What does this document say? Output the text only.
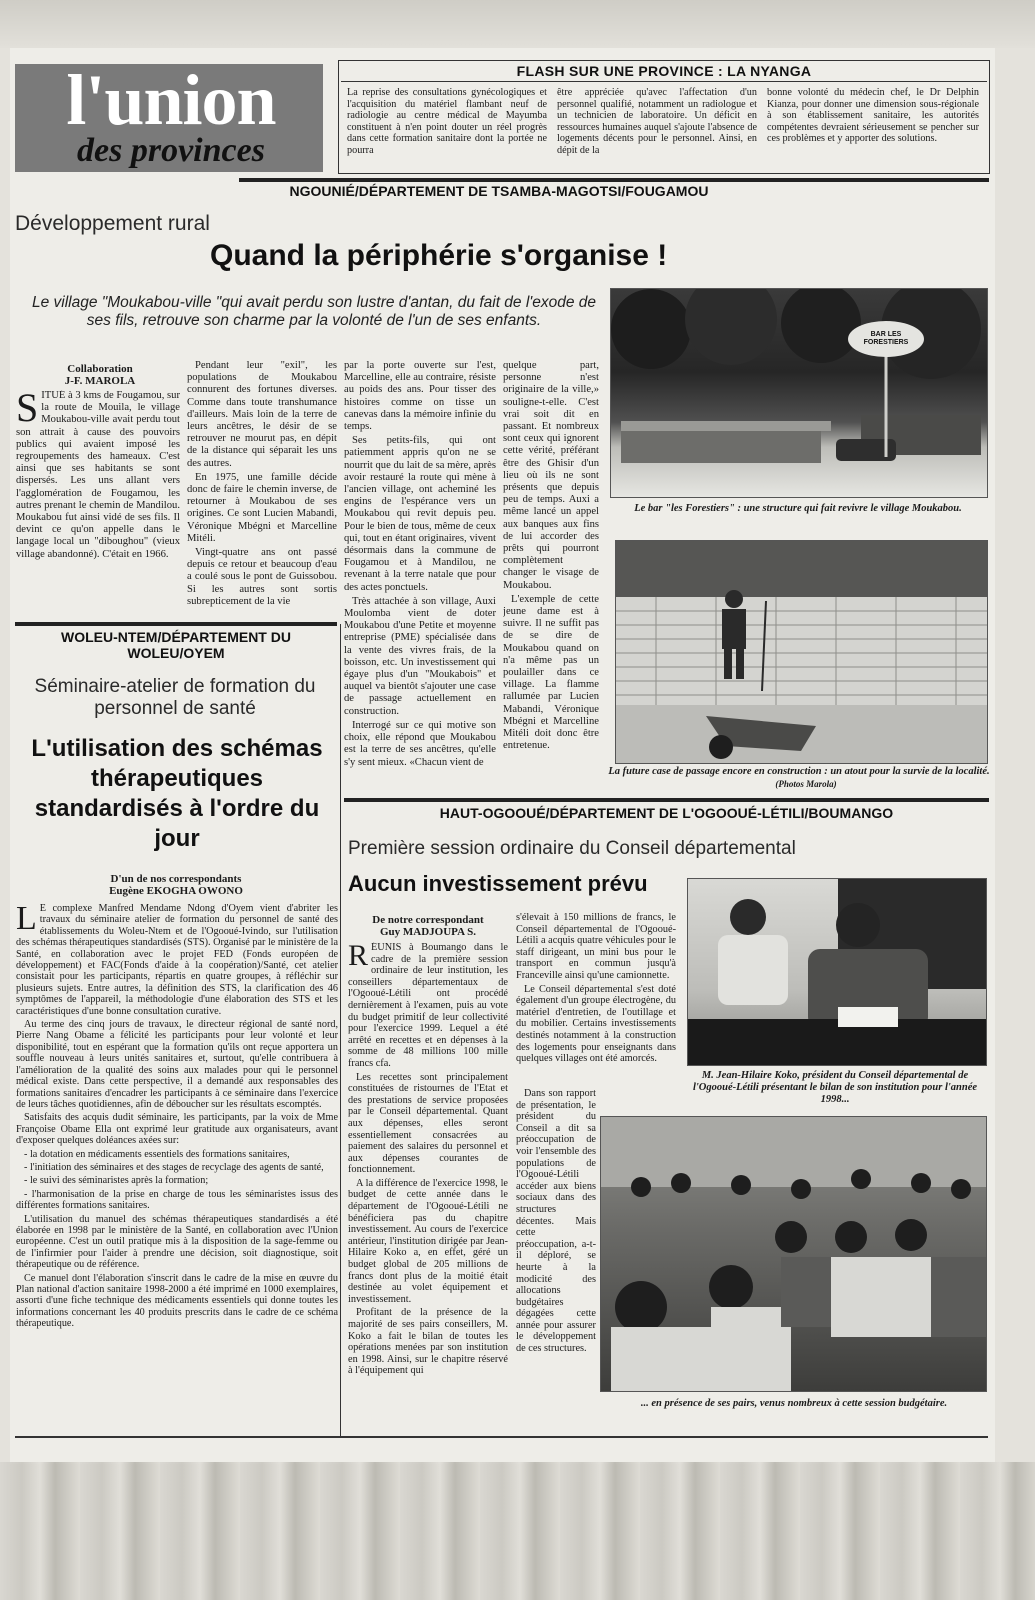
l'union
des provinces
FLASH SUR UNE PROVINCE : LA NYANGA
La reprise des consultations gynécologiques et l'acquisition du matériel flambant neuf de radiologie au centre médical de Mayumba constituent à n'en point douter un réel progrès dans cette formation sanitaire dont la portée ne pourra
être appréciée qu'avec l'affectation d'un personnel qualifié, notamment un radiologue et un technicien de laboratoire. Un déficit en ressources humaines auquel s'ajoute l'absence de logements décents pour le personnel. Ainsi, en dépit de la
bonne volonté du médecin chef, le Dr Delphin Kianza, pour donner une dimension sous-régionale à son établissement sanitaire, les autorités compétentes devraient sérieusement se pencher sur ces problèmes et y apporter des solutions.
NGOUNIÉ/DÉPARTEMENT DE TSAMBA-MAGOTSI/FOUGAMOU
Développement rural
Quand la périphérie s'organise !
Le village "Moukabou-ville "qui avait perdu son lustre d'antan, du fait de l'exode de ses fils, retrouve son charme par la volonté de l'un de ses enfants.
Collaboration
J-F. MAROLA
S ITUÉ à 3 kms de Fougamou, sur la route de Mouila, le village Moukabou-ville avait perdu tout son attrait à cause des pouvoirs publics qui avaient imposé les regroupements des hameaux. C'est ainsi que ses habitants se sont dispersés. Les uns allant vers l'agglomération de Fougamou, les autres prenant le chemin de Mandilou. Moukabou fut ainsi vidé de ses fils. Il devint ce qu'on appelle dans le langage local un "diboughou" (vieux village abandonné). C'était en 1966.

Pendant leur "exil", les populations de Moukabou connurent des fortunes diverses. Comme dans toute transhumance d'ailleurs. Mais loin de la terre de leurs ancêtres, le désir de se retrouver ne mourut pas, en dépit de la distance qui séparait les uns des autres.

En 1975, une famille décide donc de faire le chemin inverse, de retourner à Moukabou de ses origines. Ce sont Lucien Mabandi, Véronique Mbégni et Marcelline Mitéli.

Vingt-quatre ans ont passé depuis ce retour et beaucoup d'eau a coulé sous le pont de Guissobou. Si les autres sont sortis subrepticement de la vie

par la porte ouverte sur l'est, Marcelline, elle au contraire, résiste au poids des ans. Pour tisser des histoires comme on tisse un canevas dans la mémoire infinie du temps.

Ses petits-fils, qui ont patiemment appris qu'on ne se nourrit que du lait de sa mère, après avoir restauré la route qui mène à l'ancien village, ont acheminé les engins de l'espérance vers un Moukabou qui revit depuis peu. Pour le bien de tous, même de ceux qui, tout en étant originaires, vivent désormais dans la commune de Fougamou et à Mandilou, ne revenant à la terre natale que pour des actes ponctuels.

Très attachée à son village, Auxi Moulomba vient de doter Moukabou d'une Petite et moyenne entreprise (PME) spécialisée dans la vente des vivres frais, de la boisson, etc. Un investissement qui égaye plus d'un "Moukabois" et auquel va bientôt s'ajouter une case de passage actuellement en construction.

Interrogé sur ce qui motive son choix, elle répond que Moukabou est la terre de ses ancêtres, qu'elle s'y sent mieux. «Chacun vient de

quelque part, personne n'est originaire de la ville,» souligne-t-elle. C'est vrai soit dit en passant. Et nombreux sont ceux qui ignorent cette vérité, préférant être des Ghisir d'un lieu où ils ne sont présents que depuis peu de temps. Auxi a même lancé un appel aux banques aux fins de lui accorder des prêts qui pourront complètement changer le visage de Moukabou.

L'exemple de cette jeune dame est à suivre. Il ne suffit pas de se dire de Moukabou quand on n'a même pas un poulailler dans ce village. La flamme rallumée par Lucien Mabandi, Véronique Mbégni et Marcelline Mitéli doit donc être entretenue.

BAR LES FORESTIERS
Le bar "les Forestiers" : une structure qui fait revivre le village Moukabou.
La future case de passage encore en construction : un atout pour la survie de la localité. (Photos Marola)
WOLEU-NTEM/DÉPARTEMENT DU
WOLEU/OYEM
Séminaire-atelier de formation du personnel de santé
L'utilisation des schémas thérapeutiques standardisés à l'ordre du jour
D'un de nos correspondants
Eugène EKOGHA OWONO

L E complexe Manfred Mendame Ndong d'Oyem vient d'abriter les travaux du séminaire atelier de formation du personnel de santé des établissements du Woleu-Ntem et de l'Ogooué-Ivindo, sur l'utilisation des schémas thérapeutiques standardisés (STS). Organisé par le ministère de la Santé, en collaboration avec le projet FED (Fonds européen de développement) et FAC(Fonds d'aide à la coopération)/Santé, cet atelier consistait pour les participants, répartis en quatre groupes, à réfléchir sur plusieurs sujets. Entre autres, la définition des STS, la clarification des 46 symptômes de l'appareil, la méthodologie d'une élaboration des STS et les caractéristiques d'une bonne consultation curative.

Au terme des cinq jours de travaux, le directeur régional de santé nord, Pierre Nang Obame a félicité les participants pour leur volonté et leur disponibilité, tout en espérant que la formation qu'ils ont reçue apportera un souffle nouveau à leurs unités sanitaires et, surtout, qu'elle contribuera à l'amélioration de la qualité des soins aux malades pour qui le personnel médical existe. Dans cette perspective, il a demandé aux responsables des formations sanitaires d'encadrer les participants à ce séminaire dans l'exercice de leurs tâches quotidiennes, afin de déboucher sur les résultats escomptés.

Satisfaits des acquis dudit séminaire, les participants, par la voix de Mme Françoise Obame Ella ont exprimé leur gratitude aux organisateurs, avant d'exposer quelques doléances axées sur:

- la dotation en médicaments essentiels des formations sanitaires,

- l'initiation des séminaires et des stages de recyclage des agents de santé,

- le suivi des séminaristes après la formation;

- l'harmonisation de la prise en charge de tous les séminaristes issus des différentes formations sanitaires.

L'utilisation du manuel des schémas thérapeutiques standardisés a été élaborée en 1998 par le ministère de la Santé, en collaboration avec l'Union européenne. C'est un outil pratique mis à la disposition de la sage-femme ou de l'infirmier pour l'aider à prendre une décision, soit diagnostique, soit thérapeutique ou de référence.

Ce manuel dont l'élaboration s'inscrit dans le cadre de la mise en œuvre du Plan national d'action sanitaire 1998-2000 a été imprimé en 1000 exemplaires, assorti d'une fiche technique des médicaments essentiels qui donne toutes les informations concernant les 40 produits prescrits dans le cadre de ce schéma thérapeutique.

HAUT-OGOOUÉ/DÉPARTEMENT DE L'OGOOUÉ-LÉTILI/BOUMANGO
Première session ordinaire du Conseil départemental
Aucun investissement prévu
De notre correspondant
Guy MADJOUPA S.

RÉUNIS à Boumango dans le cadre de la première session ordinaire de leur institution, les conseillers départementaux de l'Ogooué-Létili ont procédé dernièrement à l'examen, puis au vote du budget primitif de leur collectivité pour l'exercice 1999. Lequel a été arrêté en recettes et en dépenses à la somme de 48 millions 100 mille francs cfa.

Les recettes sont principalement constituées de ristournes de l'Etat et des prestations de service proposées par le Conseil départemental. Quant aux dépenses, elles seront essentiellement consacrées au paiement des salaires du personnel et aux dépenses courantes de fonctionnement.

A la différence de l'exercice 1998, le budget de cette année dans le département de l'Ogooué-Létili ne bénéficiera pas du chapitre investissement. Au cours de l'exercice antérieur, l'institution dirigée par Jean-Hilaire Koko a, en effet, géré un budget global de 205 millions de francs dont plus de la moitié était destinée au volet équipement et investissement.

Profitant de la présence de la majorité de ses pairs conseillers, M. Koko a fait le bilan de toutes les opérations menées par son institution en 1998. Ainsi, sur le chapitre réservé à l'équipement qui

s'élevait à 150 millions de francs, le Conseil départemental de l'Ogooué-Létili a acquis quatre véhicules pour le staff dirigeant, un mini bus pour le transport en commun jusqu'à Franceville ainsi qu'une camionnette.

Le Conseil départemental s'est doté également d'un groupe électrogène, du matériel d'entretien, de l'outillage et du mobilier. Certains investissements destinés notamment à la construction des logements pour enseignants dans quelques villages ont été amorcés.

Dans son rapport de présentation, le président du Conseil a dit sa préoccupation de voir l'ensemble des populations de l'Ogooué-Létili accéder aux biens sociaux dans des structures décentes. Mais cette préoccupation, a-t-il déploré, se heurte à la modicité des allocations budgétaires dégagées cette année pour assurer le développement de ces structures.

M. Jean-Hilaire Koko, président du Conseil départemental de l'Ogooué-Létili présentant le bilan de son institution pour l'année 1998...
... en présence de ses pairs, venus nombreux à cette session budgétaire.
